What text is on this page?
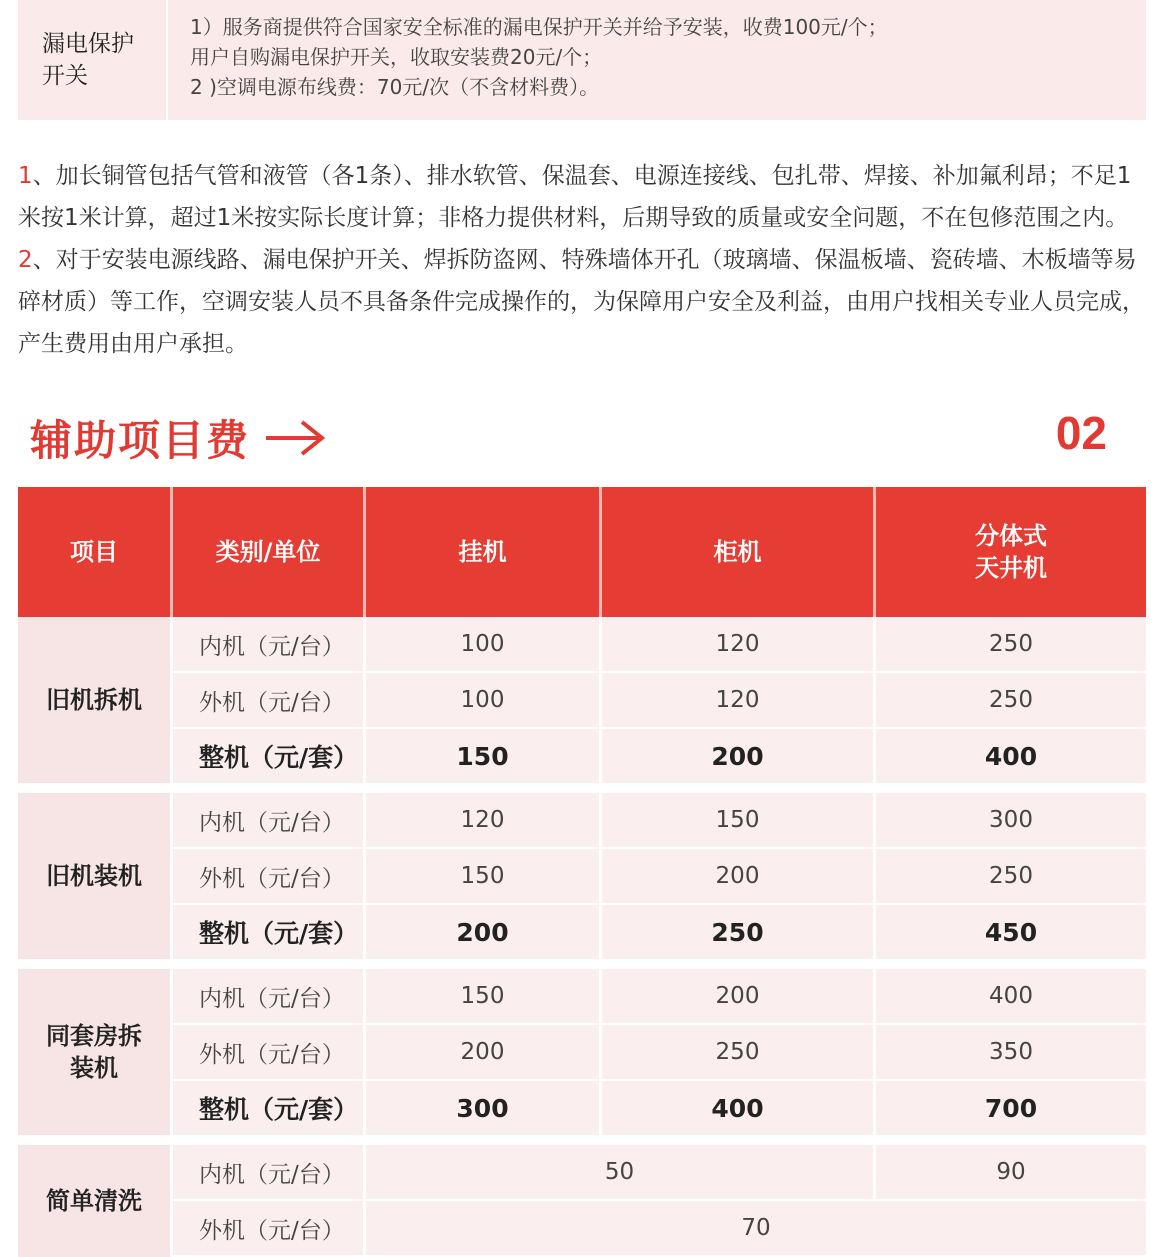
漏电保护
开关
1）服务商提供符合国家安全标准的漏电保护开关并给予安装，收费100元/个；
用户自购漏电保护开关，收取安装费20元/个；
2 )空调电源布线费：70元/次（不含材料费）。
1、加长铜管包括气管和液管（各1条）、排水软管、保温套、电源连接线、包扎带、焊接、补加氟利昂；不足1米按1米计算，超过1米按实际长度计算；非格力提供材料，后期导致的质量或安全问题，不在包修范围之内。
2、对于安装电源线路、漏电保护开关、焊拆防盗网、特殊墙体开孔（玻璃墙、保温板墙、瓷砖墙、木板墙等易碎材质）等工作，空调安装人员不具备条件完成操作的，为保障用户安全及利益，由用户找相关专业人员完成，产生费用由用户承担。
辅助项目费	02
项目	类别/单位	挂机	柜机	分体式
天井机

旧机拆机	内机（元/台）	100	120	250
	外机（元/台）	100	120	250
	整机（元/套）	150	200	400

旧机装机	内机（元/台）	120	150	300
	外机（元/台）	150	200	250
	整机（元/套）	200	250	450

同套房拆
装机	内机（元/台）	150	200	400
	外机（元/台）	200	250	350
	整机（元/套）	300	400	700

简单清洗	内机（元/台）	50		90
	外机（元/台）	70		
